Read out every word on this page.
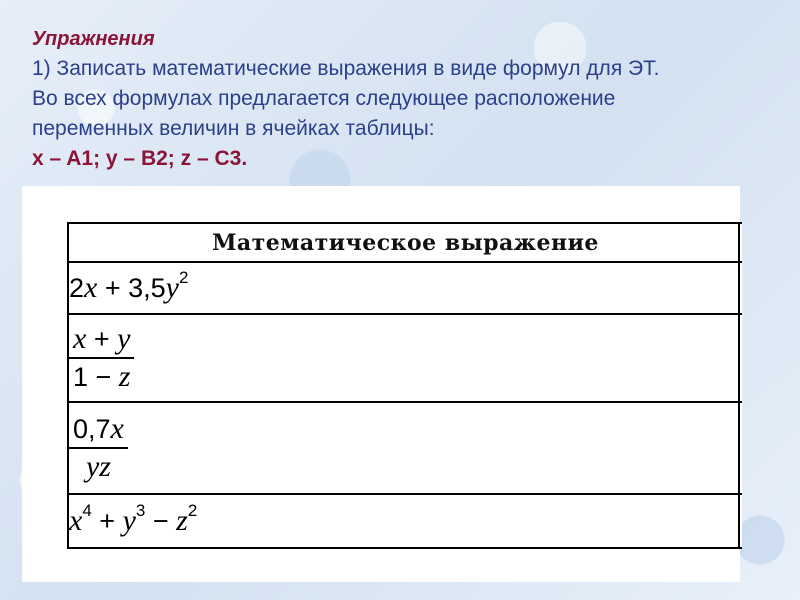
Упражнения
1) Записать математические выражения в виде формул для ЭТ.
Во всех формулах предлагается следующее расположение
переменных величин в ячейках таблицы:
x – A1; y – B2; z – C3.
Математическое выражение
$2x + 3,5y^2$

$\frac{x + y}{1 - z}$

$\frac{0,7x}{yz}$

$x^4 + y^3 - z^2$
